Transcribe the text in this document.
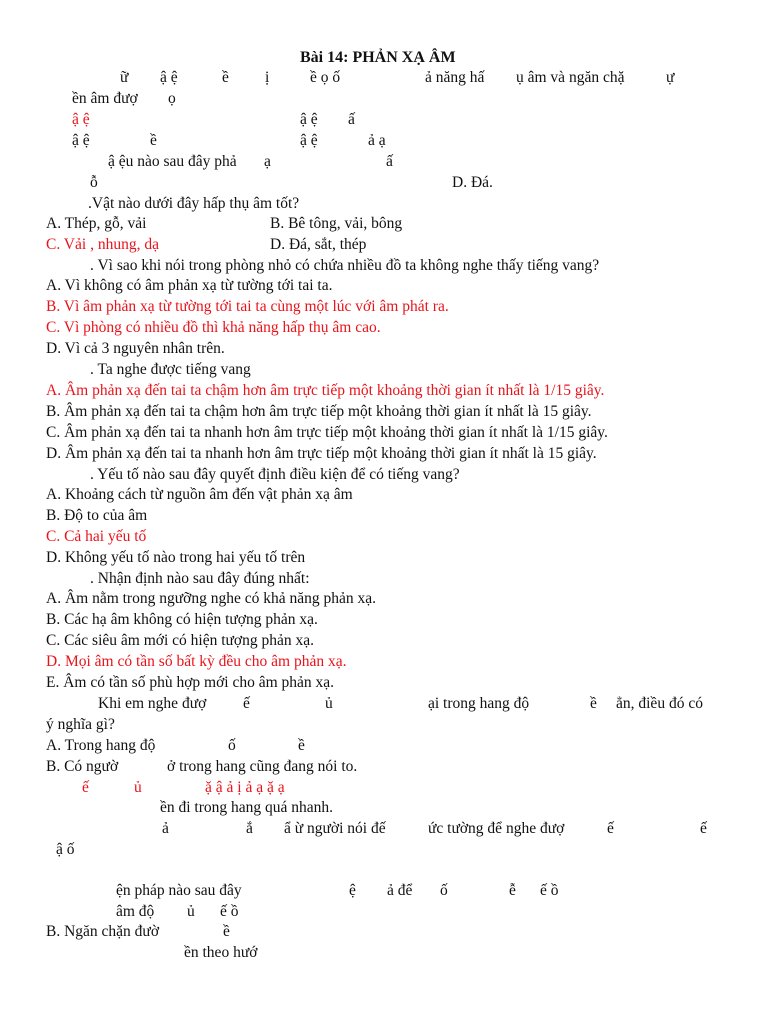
Bài 14: PHẢN XẠ ÂM
ữ ậ ệ	ề ị	ề ọ ố	ả năng hấ ụ âm và ngăn chặ	ự
ền âm đượ ọ
ậ ệ	ậ ệ ấ
ậ ệ	ề	ậ ệ	ả ạ
ậ ệu nào sau đây phả ạ	ấ
ỗ	D. Đá.
.Vật nào dưới đây hấp thụ âm tốt?
A. Thép, gỗ, vải	B. Bê tông, vải, bông
C. Vải , nhung, dạ	D. Đá, sắt, thép
. Vì sao khi nói trong phòng nhỏ có chứa nhiều đồ ta không nghe thấy tiếng vang?
A. Vì không có âm phản xạ từ tường tới tai ta.
B. Vì âm phản xạ từ tường tới tai ta cùng một lúc với âm phát ra.
C. Vì phòng có nhiều đồ thì khả năng hấp thụ âm cao.
D. Vì cả 3 nguyên nhân trên.
. Ta nghe được tiếng vang
A. Âm phản xạ đến tai ta chậm hơn âm trực tiếp một khoảng thời gian ít nhất là 1/15 giây.
B. Âm phản xạ đến tai ta chậm hơn âm trực tiếp một khoảng thời gian ít nhất là 15 giây.
C. Âm phản xạ đến tai ta nhanh hơn âm trực tiếp một khoảng thời gian ít nhất là 1/15 giây.
D. Âm phản xạ đến tai ta nhanh hơn âm trực tiếp một khoảng thời gian ít nhất là 15 giây.
. Yếu tố nào sau đây quyết định điều kiện để có tiếng vang?
A. Khoảng cách từ nguồn âm đến vật phản xạ âm
B. Độ to của âm
C. Cả hai yếu tố
D. Không yếu tố nào trong hai yếu tố trên
. Nhận định nào sau đây đúng nhất:
A. Âm nằm trong ngưỡng nghe có khả năng phản xạ.
B. Các hạ âm không có hiện tượng phản xạ.
C. Các siêu âm mới có hiện tượng phản xạ.
D. Mọi âm có tần số bất kỳ đều cho âm phản xạ.
E. Âm có tần số phù hợp mới cho âm phản xạ.
Khi em nghe đượ ế	ủ	ại trong hang độ	ề ẳn, điều đó có
ý nghĩa gì?
A. Trong hang độ	ố	ề
B. Có ngườ	ở trong hang cũng đang nói to.
ế	ủ	ặ ậ ả ị ả ạ ặ ạ
ền đi trong hang quá nhanh.
ả	ắ ẩ ừ người nói đế	ức tường để nghe đượ	ế	ế
ậ ố
ện pháp nào sau đây	ệ ả để ố	ễ ế ồ
âm độ ủ ế ồ
B. Ngăn chặn đườ	ề
ền theo hướ
